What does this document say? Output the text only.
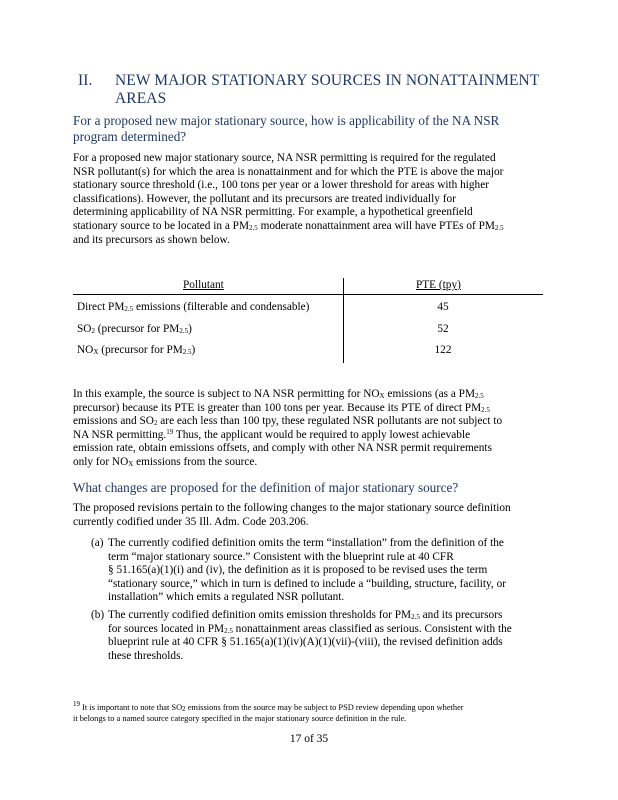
II. NEW MAJOR STATIONARY SOURCES IN NONATTAINMENT
AREAS
For a proposed new major stationary source, how is applicability of the NA NSR
program determined?
For a proposed new major stationary source, NA NSR permitting is required for the regulated
NSR pollutant(s) for which the area is nonattainment and for which the PTE is above the major
stationary source threshold (i.e., 100 tons per year or a lower threshold for areas with higher
classifications). However, the pollutant and its precursors are treated individually for
determining applicability of NA NSR permitting. For example, a hypothetical greenfield
stationary source to be located in a $PM_{2.5}$ moderate nonattainment area will have PTEs of $PM_{2.5}$
and its precursors as shown below.
Pollutant	PTE (tpy)
Direct $PM_{2.5}$ emissions (filterable and condensable)	45
$SO_2$ (precursor for $PM_{2.5}$)	52
$NO_X$ (precursor for $PM_{2.5}$)	122
In this example, the source is subject to NA NSR permitting for $NO_X$ emissions (as a $PM_{2.5}$
precursor) because its PTE is greater than 100 tons per year. Because its PTE of direct $PM_{2.5}$
emissions and $SO_2$ are each less than 100 tpy, these regulated NSR pollutants are not subject to
NA NSR permitting.$^{19}$ Thus, the applicant would be required to apply lowest achievable
emission rate, obtain emissions offsets, and comply with other NA NSR permit requirements
only for $NO_X$ emissions from the source.
What changes are proposed for the definition of major stationary source?
The proposed revisions pertain to the following changes to the major stationary source definition
currently codified under 35 Ill. Adm. Code 203.206.
(a) The currently codified definition omits the term “installation” from the definition of the
term “major stationary source.” Consistent with the blueprint rule at 40 CFR
§ 51.165(a)(1)(i) and (iv), the definition as it is proposed to be revised uses the term
“stationary source,” which in turn is defined to include a “building, structure, facility, or
installation” which emits a regulated NSR pollutant.
(b) The currently codified definition omits emission thresholds for $PM_{2.5}$ and its precursors
for sources located in $PM_{2.5}$ nonattainment areas classified as serious. Consistent with the
blueprint rule at 40 CFR § 51.165(a)(1)(iv)(A)(1)(vii)-(viii), the revised definition adds
these thresholds.
$^{19}$ It is important to note that $SO_2$ emissions from the source may be subject to PSD review depending upon whether
it belongs to a named source category specified in the major stationary source definition in the rule.
17 of 35
